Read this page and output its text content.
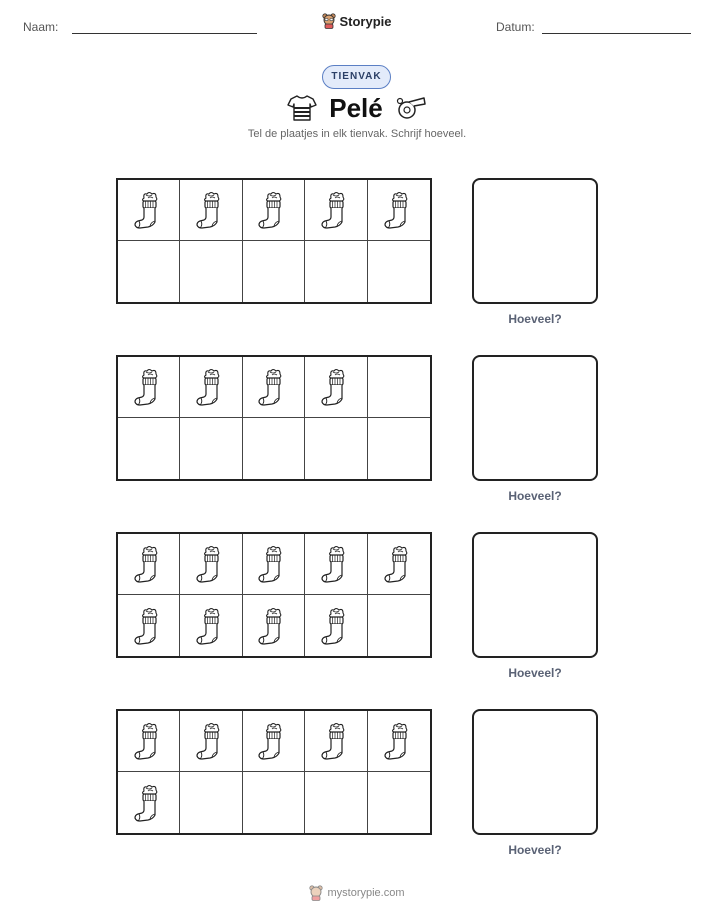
Naam:	Storypie	Datum:
TIENVAK
Pelé
Tel de plaatjes in elk tienvak. Schrijf hoeveel.
Hoeveel?
Hoeveel?
Hoeveel?
Hoeveel?
mystorypie.com
